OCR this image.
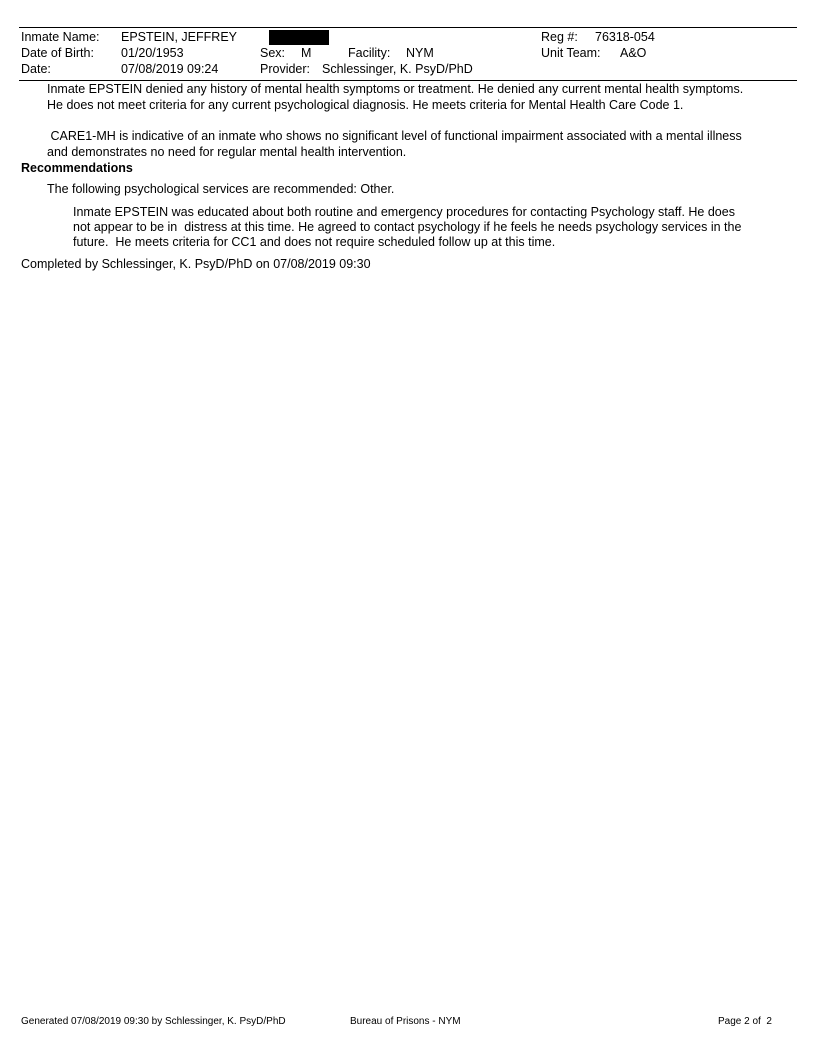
Inmate Name: EPSTEIN, JEFFREY	Reg #: 76318-054
Date of Birth: 01/20/1953	Sex: M	Facility: NYM	Unit Team: A&O
Date:	07/08/2019 09:24	Provider: Schlessinger, K. PsyD/PhD
Inmate EPSTEIN denied any history of mental health symptoms or treatment. He denied any current mental health symptoms.
He does not meet criteria for any current psychological diagnosis. He meets criteria for Mental Health Care Code 1.
CARE1-MH is indicative of an inmate who shows no significant level of functional impairment associated with a mental illness
and demonstrates no need for regular mental health intervention.
Recommendations
The following psychological services are recommended: Other.
Inmate EPSTEIN was educated about both routine and emergency procedures for contacting Psychology staff. He does
not appear to be in  distress at this time. He agreed to contact psychology if he feels he needs psychology services in the
future.  He meets criteria for CC1 and does not require scheduled follow up at this time.
Completed by Schlessinger, K. PsyD/PhD on 07/08/2019 09:30
Generated 07/08/2019 09:30 by Schlessinger, K. PsyD/PhD	Bureau of Prisons - NYM	Page 2 of  2
